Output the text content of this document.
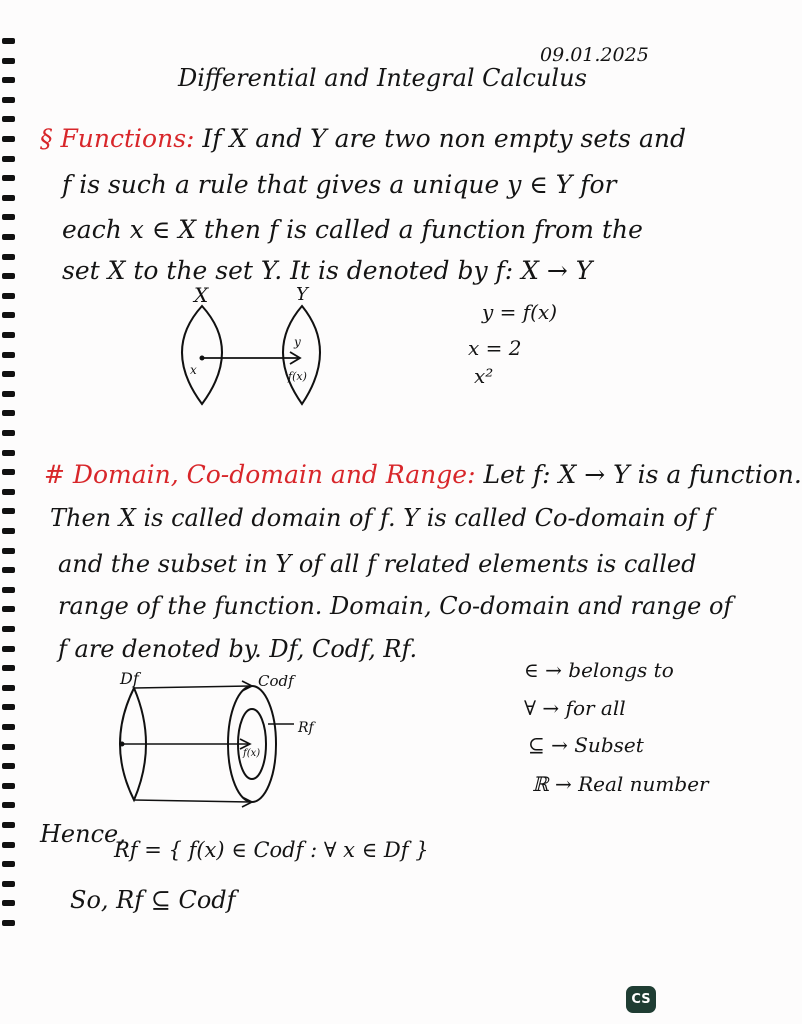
09.01.2025
Differential and Integral Calculus
§ Functions: If X and Y are two non empty sets and
f is such a rule that gives a unique y ∈ Y for
each x ∈ X then f is called a function from the
set X to the set Y. It is denoted by f: X → Y
X	Y
x
y
f(x)
y = f(x)
x = 2
x²
# Domain, Co-domain and Range: Let f: X → Y is a function.
Then X is called domain of f. Y is called Co-domain of f
and the subset in Y of all f related elements is called
range of the function. Domain, Co-domain and range of
f are denoted by. Df, Codf, Rf.
Df	Codf
Rf
f(x)
∈ → belongs to
∀ → for all
⊆ → Subset
ℝ → Real number
Hence,
Rf = { f(x) ∈ Codf : ∀ x ∈ Df }
So, Rf ⊆ Codf
CS
